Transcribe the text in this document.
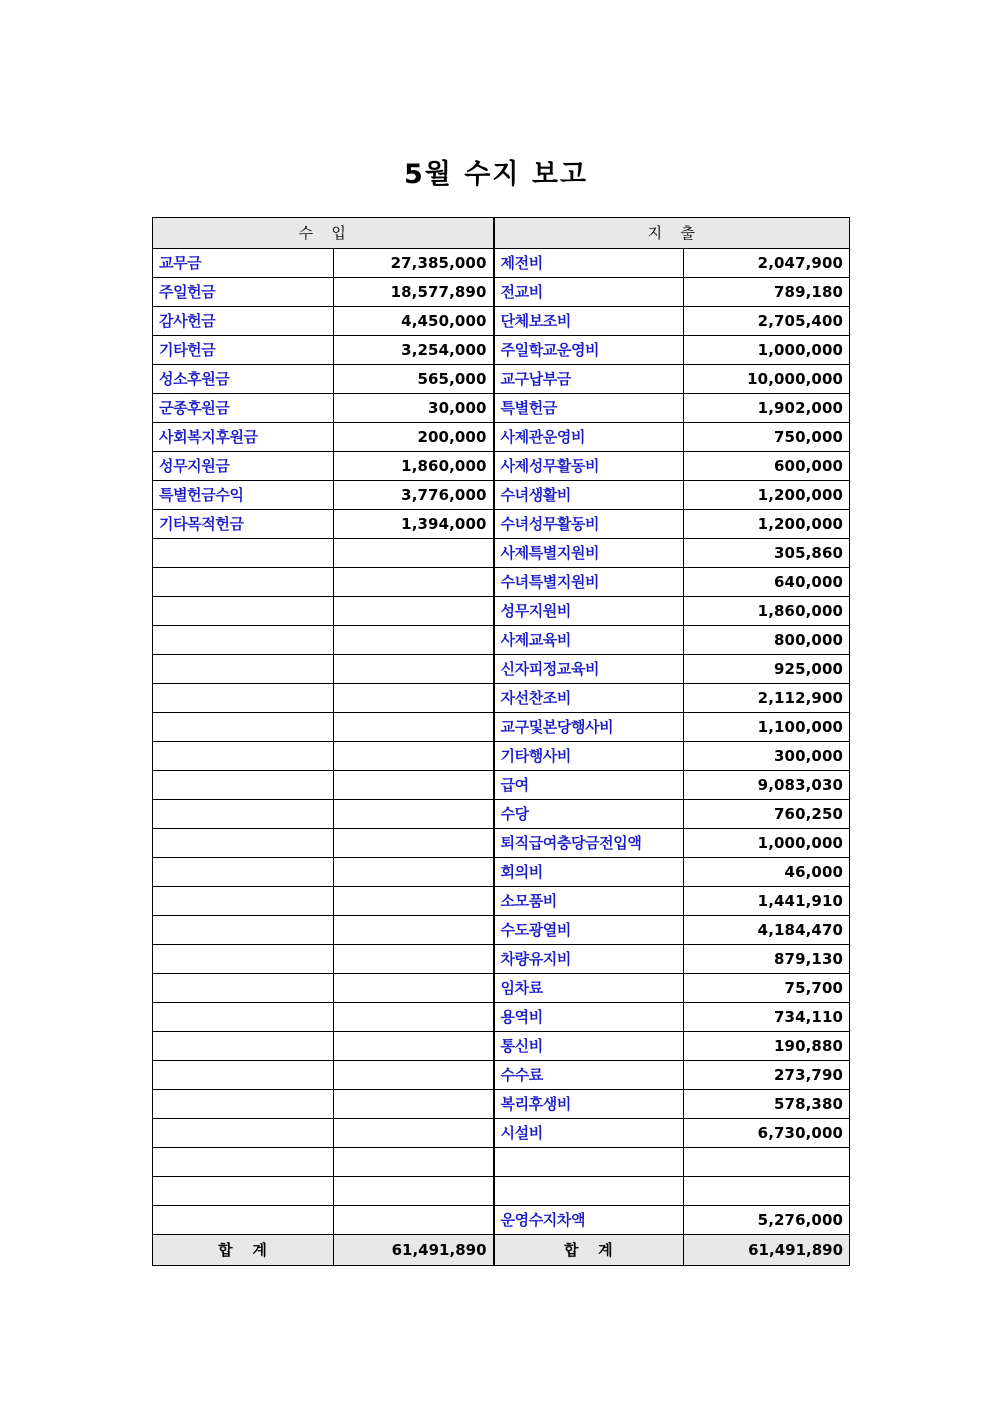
5월 수지 보고
수   입		지   출	
교무금	27,385,000	제전비	2,047,900
주일헌금	18,577,890	전교비	789,180
감사헌금	4,450,000	단체보조비	2,705,400
기타헌금	3,254,000	주일학교운영비	1,000,000
성소후원금	565,000	교구납부금	10,000,000
군종후원금	30,000	특별헌금	1,902,000
사회복지후원금	200,000	사제관운영비	750,000
성무지원금	1,860,000	사제성무활동비	600,000
특별헌금수익	3,776,000	수녀생활비	1,200,000
기타목적헌금	1,394,000	수녀성무활동비	1,200,000
		사제특별지원비	305,860
		수녀특별지원비	640,000
		성무지원비	1,860,000
		사제교육비	800,000
		신자피정교육비	925,000
		자선찬조비	2,112,900
		교구및본당행사비	1,100,000
		기타행사비	300,000
		급여	9,083,030
		수당	760,250
		퇴직급여충당금전입액	1,000,000
		회의비	46,000
		소모품비	1,441,910
		수도광열비	4,184,470
		차량유지비	879,130
		임차료	75,700
		용역비	734,110
		통신비	190,880
		수수료	273,790
		복리후생비	578,380
		시설비	6,730,000

		운영수지차액	5,276,000
합   계	61,491,890	합   계	61,491,890
